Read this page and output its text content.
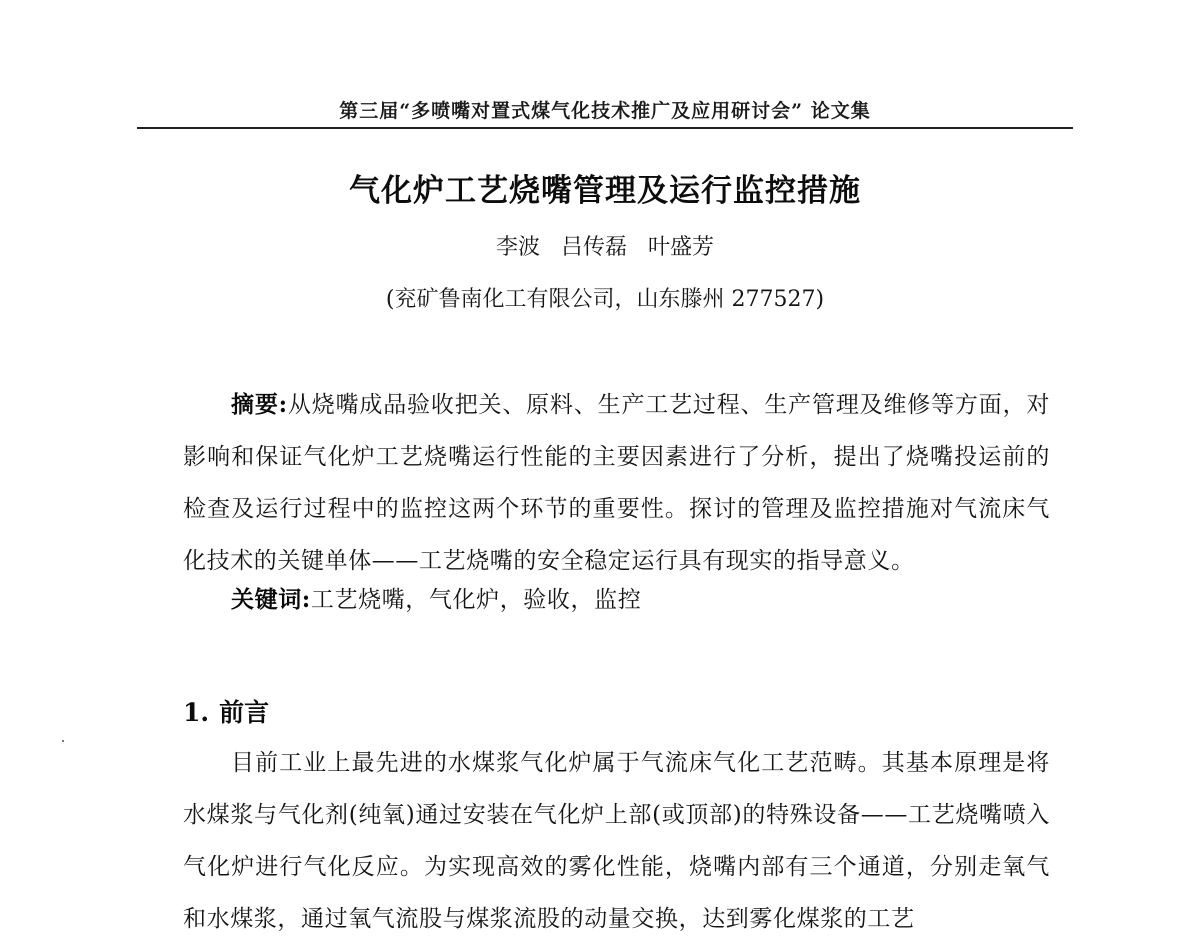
第三届“多喷嘴对置式煤气化技术推广及应用研讨会” 论文集
气化炉工艺烧嘴管理及运行监控措施
李波 吕传磊 叶盛芳
(兖矿鲁南化工有限公司，山东滕州 277527)
摘要:从烧嘴成品验收把关、原料、生产工艺过程、生产管理及维修等方面，对影响和保证气化炉工艺烧嘴运行性能的主要因素进行了分析，提出了烧嘴投运前的检查及运行过程中的监控这两个环节的重要性。探讨的管理及监控措施对气流床气化技术的关键单体——工艺烧嘴的安全稳定运行具有现实的指导意义。
关键词:工艺烧嘴，气化炉，验收，监控
1. 前言
目前工业上最先进的水煤浆气化炉属于气流床气化工艺范畴。其基本原理是将水煤浆与气化剂(纯氧)通过安装在气化炉上部(或顶部)的特殊设备——工艺烧嘴喷入气化炉进行气化反应。为实现高效的雾化性能，烧嘴内部有三个通道，分别走氧气和水煤浆，通过氧气流股与煤浆流股的动量交换，达到雾化煤浆的工艺
